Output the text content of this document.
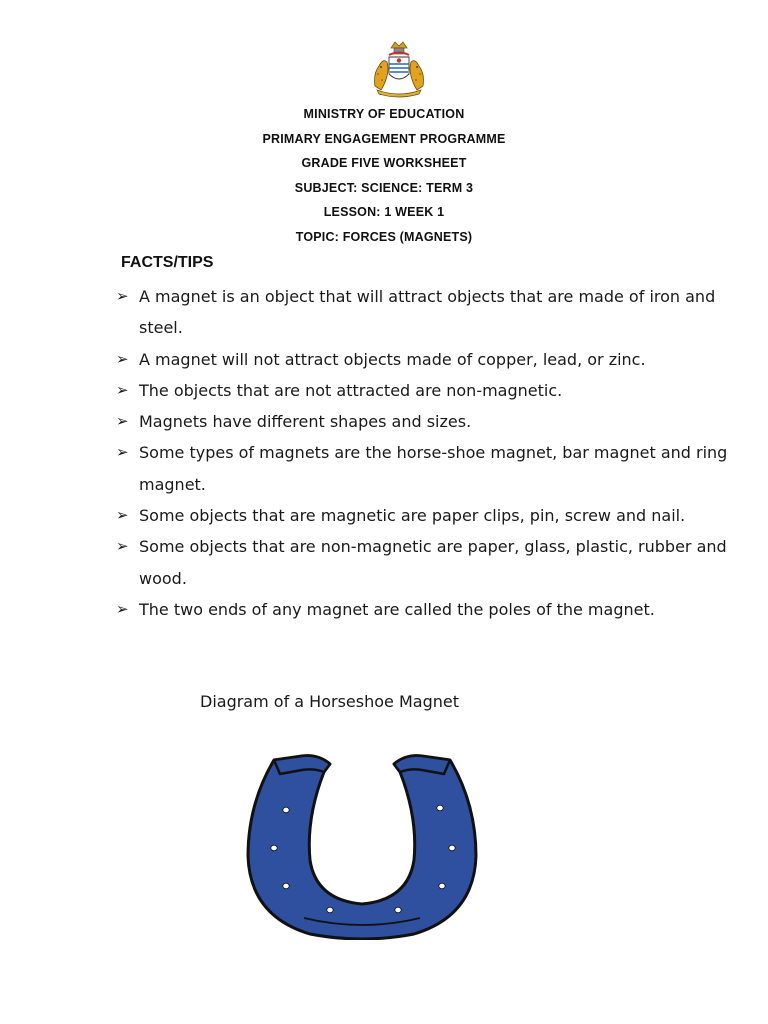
MINISTRY OF EDUCATION
PRIMARY ENGAGEMENT PROGRAMME
GRADE FIVE WORKSHEET
SUBJECT: SCIENCE: TERM 3
LESSON: 1 WEEK 1
TOPIC: FORCES (MAGNETS)
FACTS/TIPS
➢ A magnet is an object that will attract objects that are made of iron and steel.
➢ A magnet will not attract objects made of copper, lead, or zinc.
➢ The objects that are not attracted are non-magnetic.
➢ Magnets have different shapes and sizes.
➢ Some types of magnets are the horse-shoe magnet, bar magnet and ring magnet.
➢ Some objects that are magnetic are paper clips, pin, screw and nail.
➢ Some objects that are non-magnetic are paper, glass, plastic, rubber and wood.
➢ The two ends of any magnet are called the poles of the magnet.
Diagram of a Horseshoe Magnet
